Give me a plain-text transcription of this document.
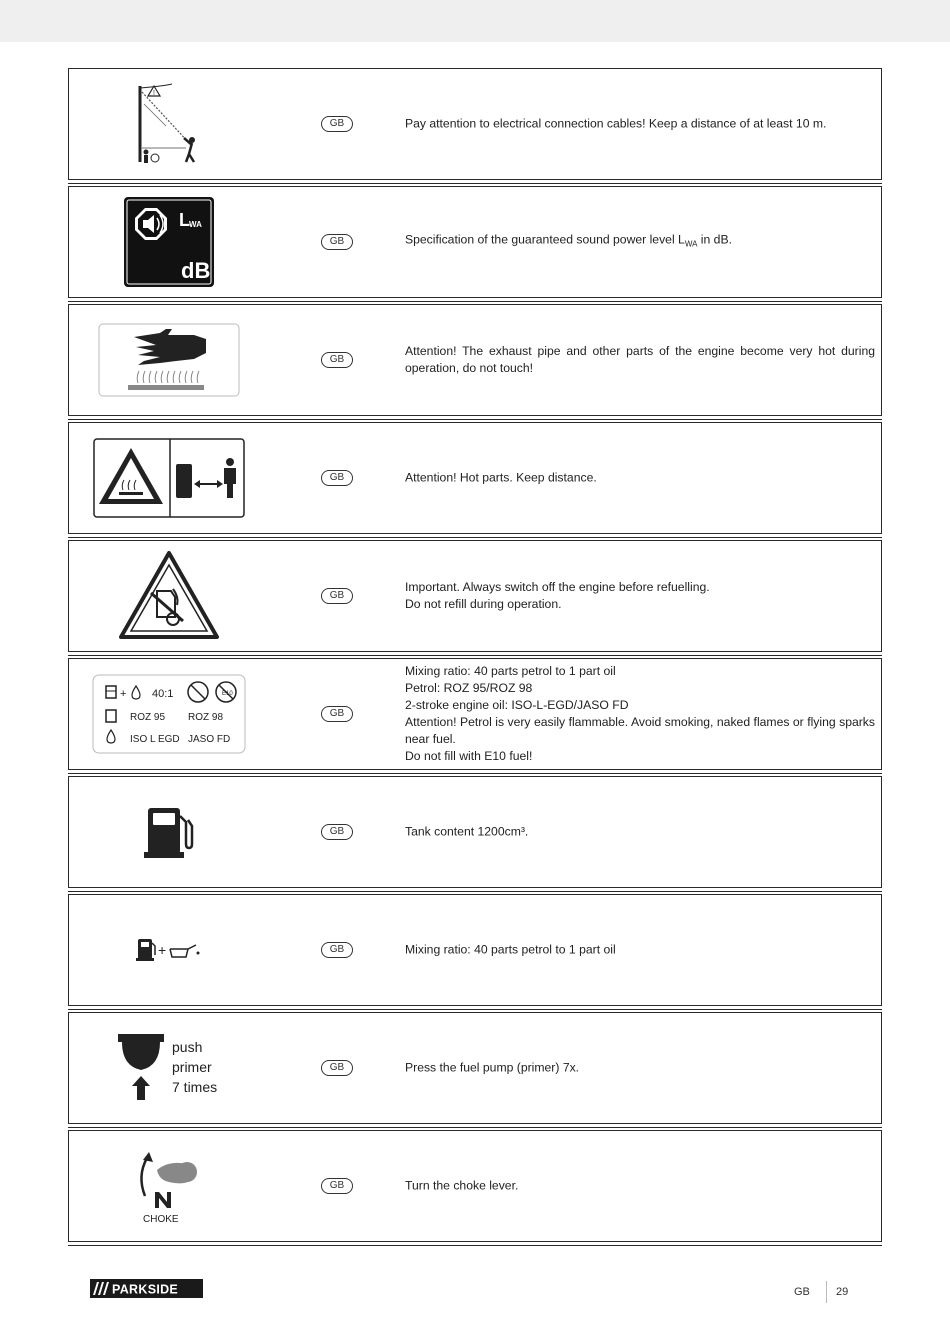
!
GB	Pay attention to electrical connection cables! Keep a distance of at least 10 m.
L WA
dB
GB	Specification of the guaranteed sound power level $L_{WA}$ in dB.
GB
Attention! The exhaust pipe and other parts of the engine become very hot during operation, do not touch!
GB	Attention! Hot parts. Keep distance.
GB
Important. Always switch off the engine before refuelling.
Do not refill during operation.
+ 40:1	E10
ROZ 95 ROZ 98
ISO L EGD JASO FD
GB
Mixing ratio: 40 parts petrol to 1 part oil
Petrol: ROZ 95/ROZ 98
2-stroke engine oil: ISO-L-EGD/JASO FD
Attention! Petrol is very easily flammable. Avoid smoking, naked flames or flying sparks near fuel.
Do not fill with E10 fuel!
GB	Tank content 1200cm³.
+	GB	Mixing ratio: 40 parts petrol to 1 part oil
push
primer
7 times
GB	Press the fuel pump (primer) 7x.
CHOKE
GB	Turn the choke lever.
PARKSIDE	GB 29
